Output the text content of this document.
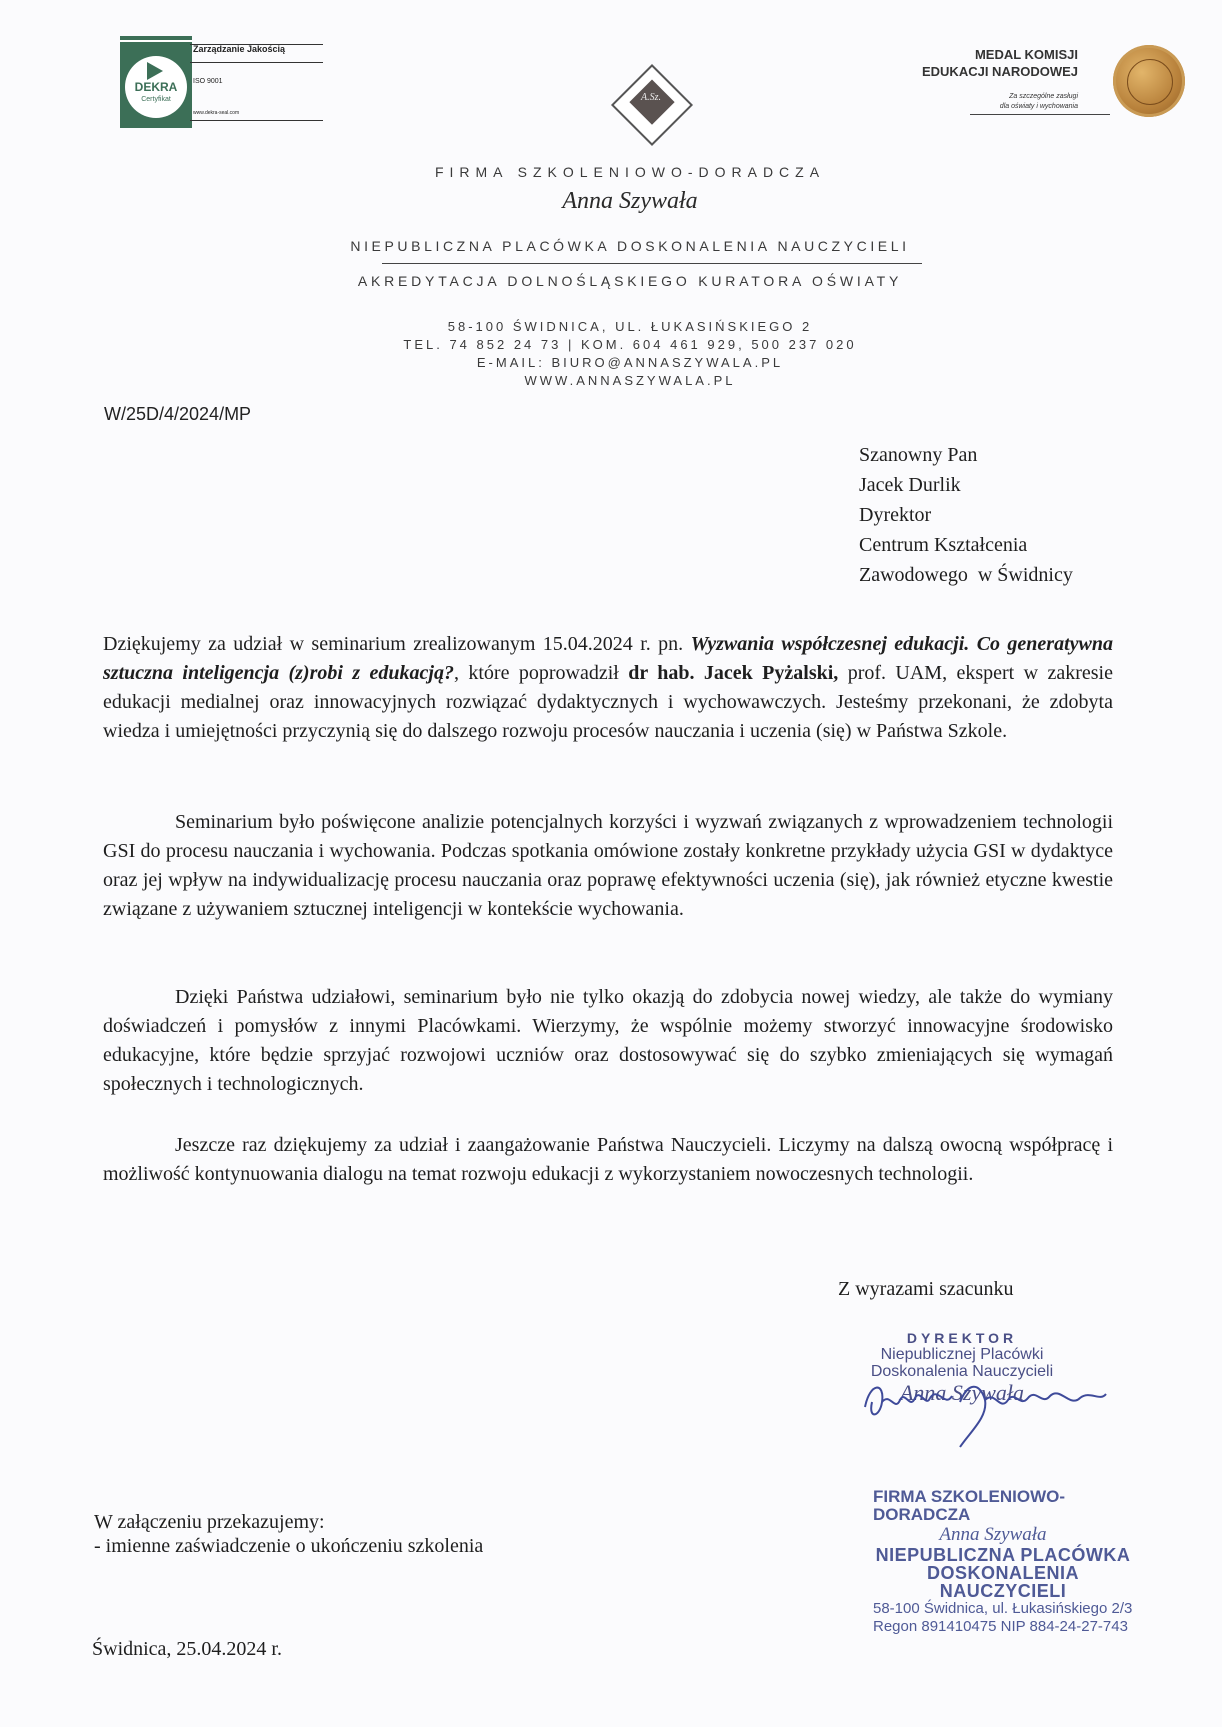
DEKRA
Certyfikat
Zarządzanie Jakością
ISO 9001
www.dekra-seal.com
MEDAL KOMISJI
EDUKACJI NARODOWEJ
Za szczególne zasługi
dla oświaty i wychowania
A.Sz.
FIRMA SZKOLENIOWO-DORADCZA
Anna Szywała
NIEPUBLICZNA PLACÓWKA DOSKONALENIA NAUCZYCIELI
AKREDYTACJA DOLNOŚLĄSKIEGO KURATORA OŚWIATY
58-100 ŚWIDNICA, UL. ŁUKASIŃSKIEGO 2
TEL. 74 852 24 73 | KOM. 604 461 929, 500 237 020
E-MAIL: BIURO@ANNASZYWALA.PL
WWW.ANNASZYWALA.PL
W/25D/4/2024/MP
Szanowny Pan
Jacek Durlik
Dyrektor
Centrum Kształcenia
Zawodowego  w Świdnicy
Dziękujemy za udział w seminarium zrealizowanym 15.04.2024 r. pn. Wyzwania współczesnej edukacji. Co generatywna sztuczna inteligencja (z)robi z edukacją?, które poprowadził dr hab. Jacek Pyżalski, prof. UAM, ekspert w zakresie edukacji medialnej oraz innowacyjnych rozwiązać dydaktycznych i wychowawczych. Jesteśmy przekonani, że zdobyta wiedza i umiejętności przyczynią się do dalszego rozwoju procesów nauczania i uczenia (się) w Państwa Szkole.
Seminarium było poświęcone analizie potencjalnych korzyści i wyzwań związanych z wprowadzeniem technologii GSI do procesu nauczania i wychowania. Podczas spotkania omówione zostały konkretne przykłady użycia GSI w dydaktyce oraz jej wpływ na indywidualizację procesu nauczania oraz poprawę efektywności uczenia (się), jak również etyczne kwestie związane z używaniem sztucznej inteligencji w kontekście wychowania.
Dzięki Państwa udziałowi, seminarium było nie tylko okazją do zdobycia nowej wiedzy, ale także do wymiany doświadczeń i pomysłów z innymi Placówkami. Wierzymy, że wspólnie możemy stworzyć innowacyjne środowisko edukacyjne, które będzie sprzyjać rozwojowi uczniów oraz dostosowywać się do szybko zmieniających się wymagań społecznych i technologicznych.
Jeszcze raz dziękujemy za udział i zaangażowanie Państwa Nauczycieli. Liczymy na dalszą owocną współpracę i możliwość kontynuowania dialogu na temat rozwoju edukacji z wykorzystaniem nowoczesnych technologii.
Z wyrazami szacunku
DYREKTOR
Niepublicznej Placówki
Doskonalenia Nauczycieli
Anna Szywała
FIRMA SZKOLENIOWO-DORADCZA
Anna Szywała
NIEPUBLICZNA PLACÓWKA
DOSKONALENIA NAUCZYCIELI
58-100 Świdnica, ul. Łukasińskiego 2/3
Regon 891410475 NIP 884-24-27-743
W załączeniu przekazujemy:
- imienne zaświadczenie o ukończeniu szkolenia
Świdnica, 25.04.2024 r.
